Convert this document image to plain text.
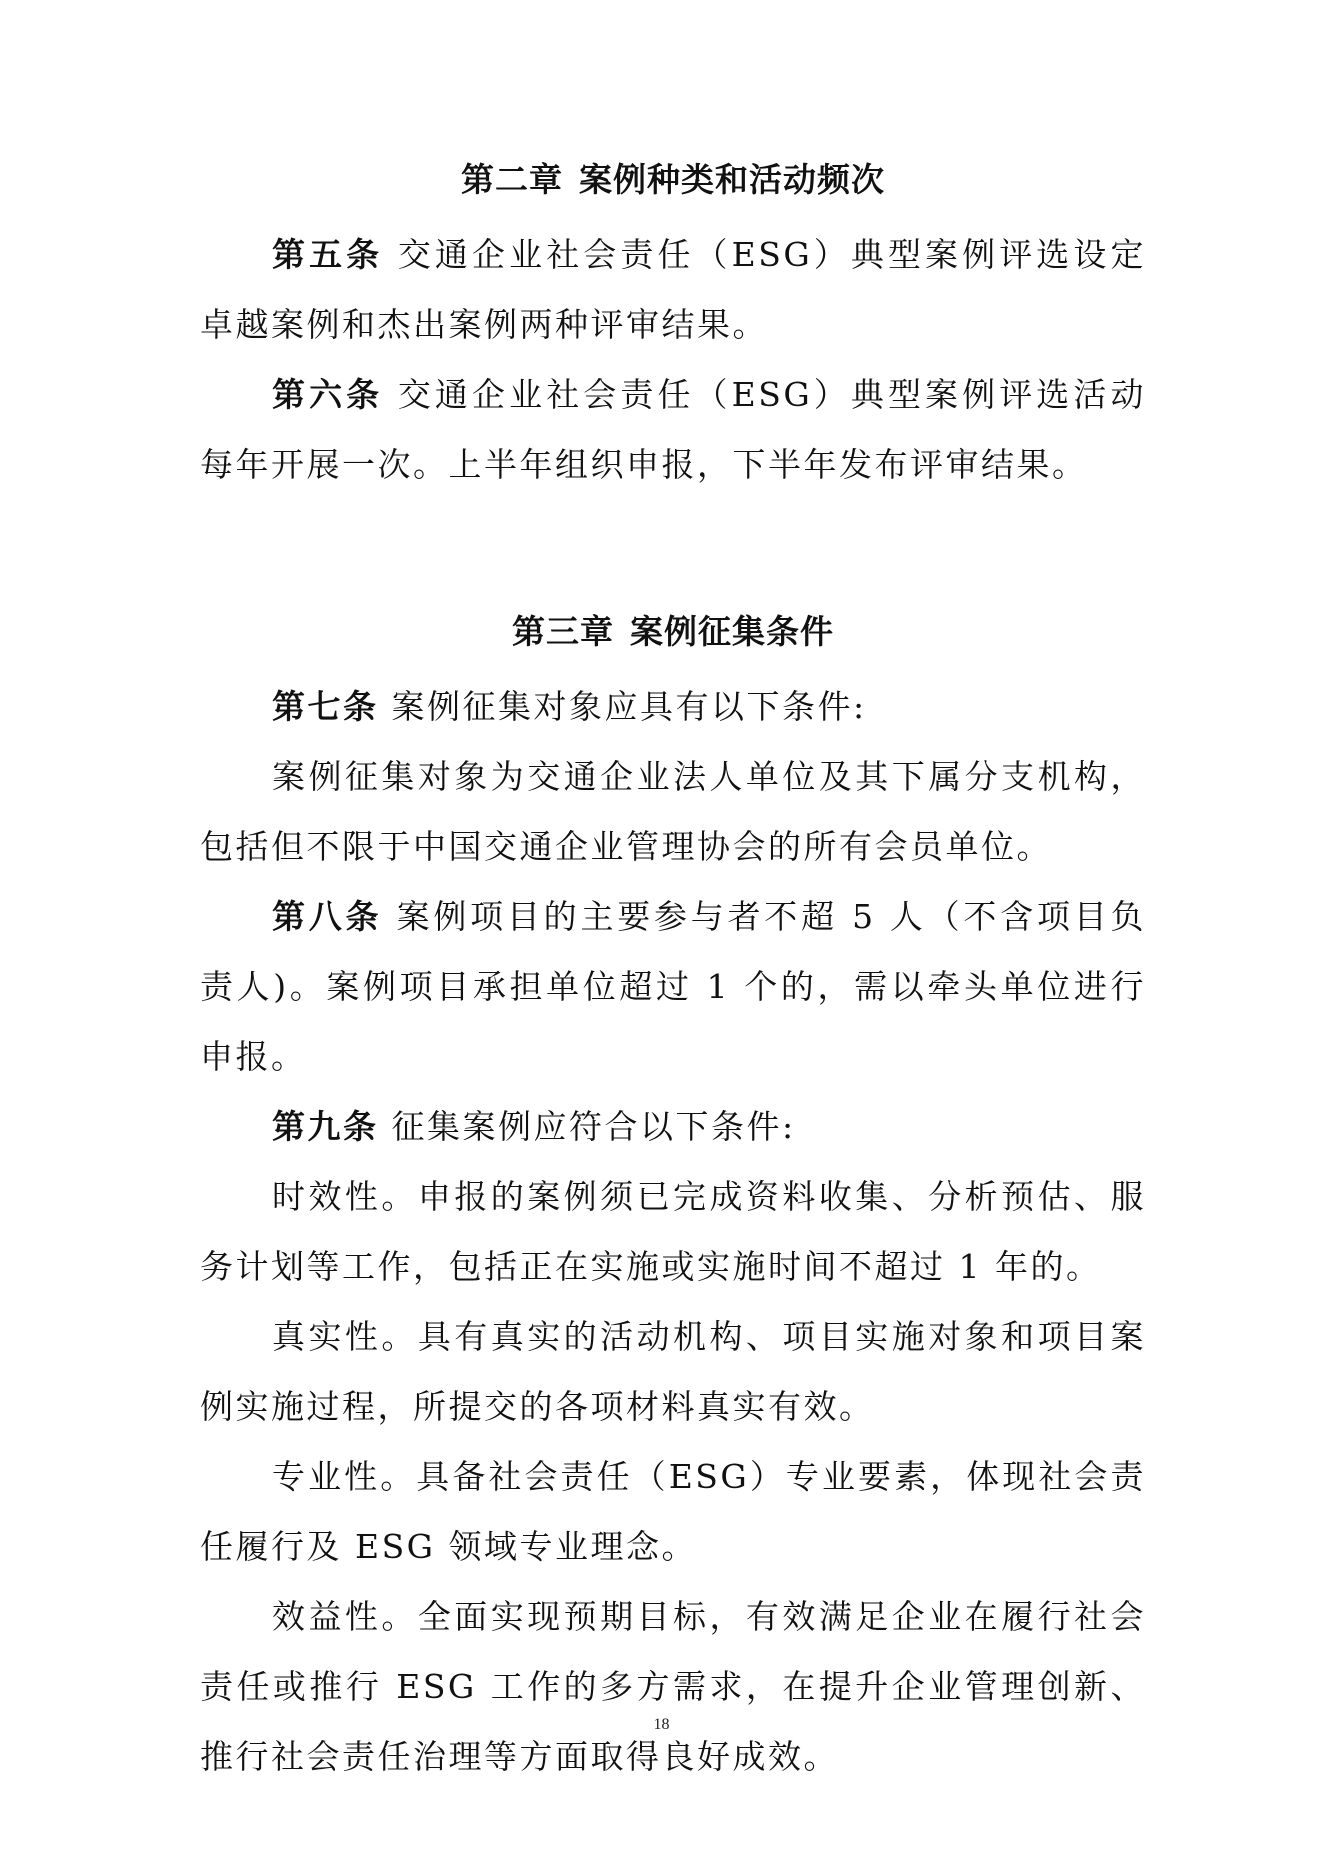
第二章 案例种类和活动频次

第五条 交通企业社会责任（ESG）典型案例评选设定卓越案例和杰出案例两种评审结果。

第六条 交通企业社会责任（ESG）典型案例评选活动每年开展一次。上半年组织申报，下半年发布评审结果。

第三章 案例征集条件

第七条 案例征集对象应具有以下条件:

案例征集对象为交通企业法人单位及其下属分支机构，包括但不限于中国交通企业管理协会的所有会员单位。

第八条 案例项目的主要参与者不超 5 人（不含项目负责人)。案例项目承担单位超过 1 个的，需以牵头单位进行申报。

第九条 征集案例应符合以下条件:

时效性。申报的案例须已完成资料收集、分析预估、服务计划等工作，包括正在实施或实施时间不超过 1 年的。

真实性。具有真实的活动机构、项目实施对象和项目案例实施过程，所提交的各项材料真实有效。

专业性。具备社会责任（ESG）专业要素，体现社会责任履行及 ESG 领域专业理念。

效益性。全面实现预期目标，有效满足企业在履行社会责任或推行 ESG 工作的多方需求，在提升企业管理创新、推行社会责任治理等方面取得良好成效。

18
